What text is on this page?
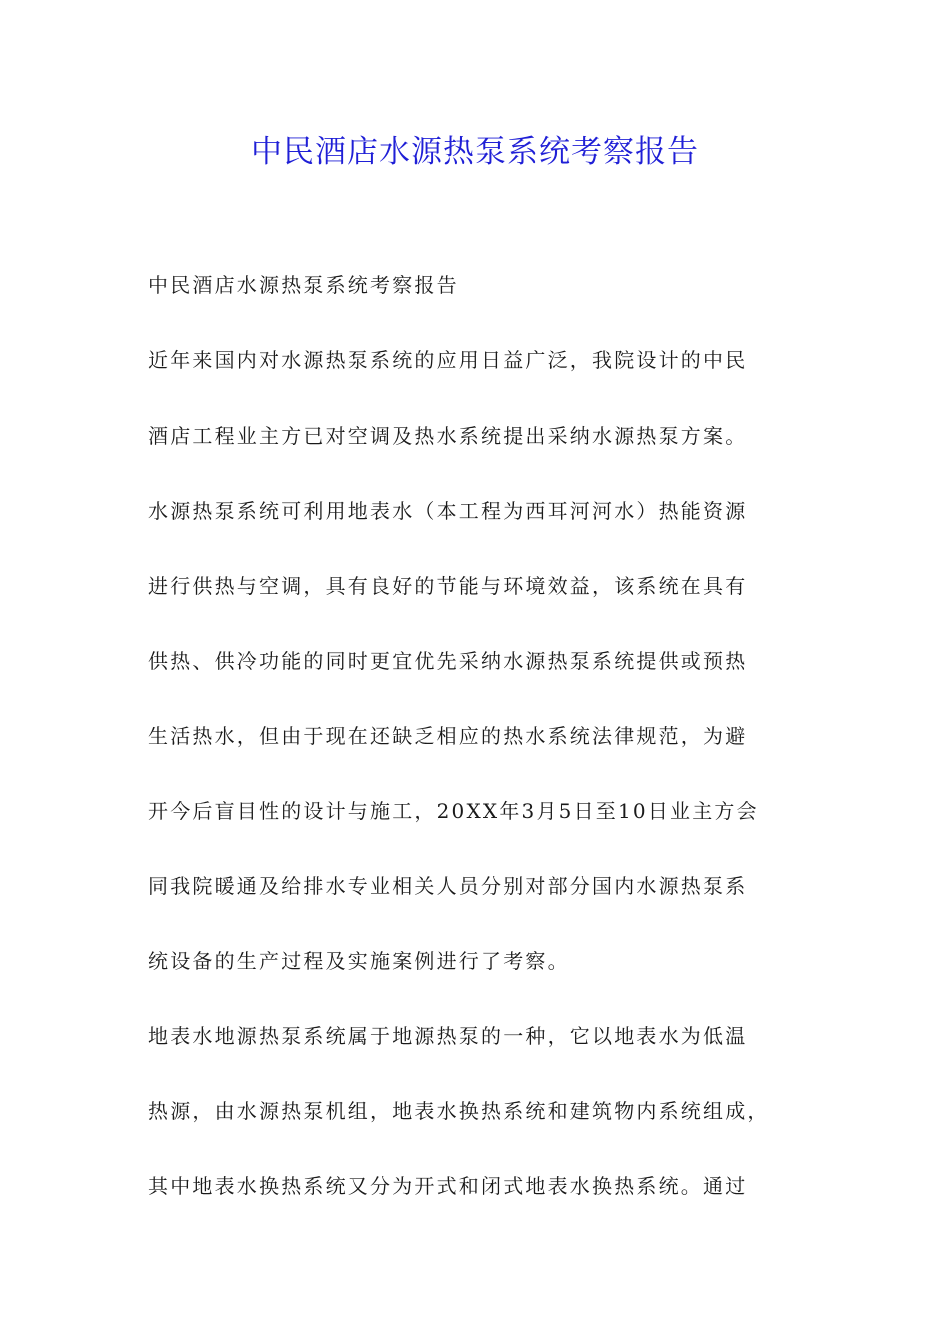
中民酒店水源热泵系统考察报告

中民酒店水源热泵系统考察报告

近年来国内对水源热泵系统的应用日益广泛，我院设计的中民

酒店工程业主方已对空调及热水系统提出采纳水源热泵方案。

水源热泵系统可利用地表水（本工程为西耳河河水）热能资源

进行供热与空调，具有良好的节能与环境效益，该系统在具有

供热、供冷功能的同时更宜优先采纳水源热泵系统提供或预热

生活热水，但由于现在还缺乏相应的热水系统法律规范，为避

开今后盲目性的设计与施工，20XX年3月5日至10日业主方会

同我院暖通及给排水专业相关人员分别对部分国内水源热泵系

统设备的生产过程及实施案例进行了考察。

地表水地源热泵系统属于地源热泵的一种，它以地表水为低温

热源，由水源热泵机组，地表水换热系统和建筑物内系统组成，

其中地表水换热系统又分为开式和闭式地表水换热系统。通过
